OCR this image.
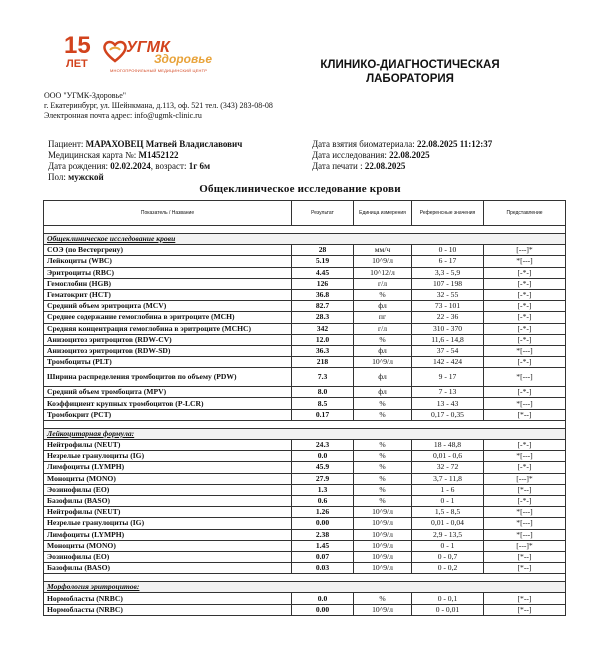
15
ЛЕТ
УГМК
Здоровье
МНОГОПРОФИЛЬНЫЙ МЕДИЦИНСКИЙ ЦЕНТР	КЛИНИКО-ДИАГНОСТИЧЕСКАЯ
ЛАБОРАТОРИЯ
ООО "УГМК-Здоровье"
г. Екатеринбург, ул. Шейнкмана, д.113, оф. 521 тел. (343) 283-08-08
Электронная почта адрес: info@ugmk-clinic.ru
Пациент: МАРАХОВЕЦ Матвей Владиславович
Медицинская карта №: М1452122
Дата рождения: 02.02.2024, возраст: 1г 6м
Пол: мужской
Дата взятия биоматериала: 22.08.2025 11:12:37
Дата исследования: 22.08.2025
Дата печати : 22.08.2025
Общеклиническое исследование крови
Показатель / Название	Результат	Единица измерения	Референсные значения	Представление

Общеклиническое исследование крови				
СОЭ (по Вестергрену)	28	мм/ч	0 - 10	[---]*
Лейкоциты (WBC)	5.19	10^9/л	6 - 17	*[---]
Эритроциты (RBC)	4.45	10^12/л	3,3 - 5,9	[-*-]
Гемоглобин (HGB)	126	г/л	107 - 198	[-*-]
Гематокрит (HCT)	36.8	%	32 - 55	[-*-]
Средний объем эритроцита (MCV)	82.7	фл	73 - 101	[-*-]
Среднее содержание гемоглобина в эритроците (MCH)	28.3	пг	22 - 36	[-*-]
Средняя концентрация гемоглобина в эритроците (MCHC)	342	г/л	310 - 370	[-*-]
Анизоцитоз эритроцитов (RDW-CV)	12.0	%	11,6 - 14,8	[-*-]
Анизоцитоз эритроцитов (RDW-SD)	36.3	фл	37 - 54	*[---]
Тромбоциты (PLT)	218	10^9/л	142 - 424	[-*-]
Ширина распределения тромбоцитов по объему (PDW)	7.3	фл	9 - 17	*[---]
Средний объем тромбоцита (MPV)	8.0	фл	7 - 13	[-*-]
Коэффициент крупных тромбоцитов (P-LCR)	8.5	%	13 - 43	*[---]
Тромбокрит (PCT)	0.17	%	0,17 - 0,35	[*--]

Лейкоцитарная формула:				
Нейтрофилы (NEUT)	24.3	%	18 - 48,8	[-*-]
Незрелые гранулоциты (IG)	0.0	%	0,01 - 0,6	*[---]
Лимфоциты (LYMPH)	45.9	%	32 - 72	[-*-]
Моноциты (MONO)	27.9	%	3,7 - 11,8	[---]*
Эозинофилы (EO)	1.3	%	1 - 6	[*--]
Базофилы (BASO)	0.6	%	0 - 1	[-*-]
Нейтрофилы (NEUT)	1.26	10^9/л	1,5 - 8,5	*[---]
Незрелые гранулоциты (IG)	0.00	10^9/л	0,01 - 0,04	*[---]
Лимфоциты (LYMPH)	2.38	10^9/л	2,9 - 13,5	*[---]
Моноциты (MONO)	1.45	10^9/л	0 - 1	[---]*
Эозинофилы (EO)	0.07	10^9/л	0 - 0,7	[*--]
Базофилы (BASO)	0.03	10^9/л	0 - 0,2	[*--]

Морфология эритроцитов:				
Нормобласты (NRBC)	0.0	%	0 - 0,1	[*--]
Нормобласты (NRBC)	0.00	10^9/л	0 - 0,01	[*--]
